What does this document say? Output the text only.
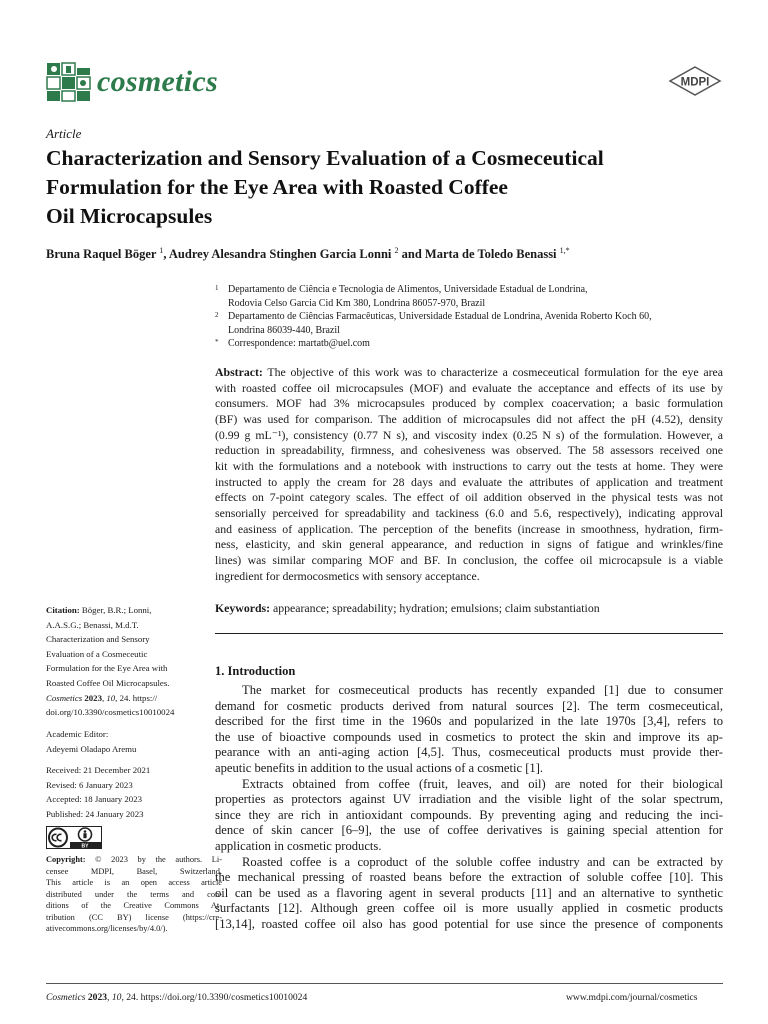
cosmetics	MDPI
Article
Characterization and Sensory Evaluation of a Cosmeceutical
Formulation for the Eye Area with Roasted Coffee
Oil Microcapsules
Bruna Raquel Böger $^1$, Audrey Alesandra Stinghen Garcia Lonni $^2$ and Marta de Toledo Benassi $^{1,*}$
1 Departamento de Ciência e Tecnologia de Alimentos, Universidade Estadual de Londrina,
Rodovia Celso Garcia Cid Km 380, Londrina 86057-970, Brazil
2 Departamento de Ciências Farmacêuticas, Universidade Estadual de Londrina, Avenida Roberto Koch 60,
Londrina 86039-440, Brazil
* Correspondence: martatb@uel.com
Abstract: The objective of this work was to characterize a cosmeceutical formulation for the eye area
with roasted coffee oil microcapsules (MOF) and evaluate the acceptance and effects of its use by
consumers. MOF had 3% microcapsules produced by complex coacervation; a basic formulation
(BF) was used for comparison. The addition of microcapsules did not affect the pH (4.52), density
(0.99 g mL⁻¹), consistency (0.77 N s), and viscosity index (0.25 N s) of the formulation. However, a
reduction in spreadability, firmness, and cohesiveness was observed. The 58 assessors received one
kit with the formulations and a notebook with instructions to carry out the tests at home. They were
instructed to apply the cream for 28 days and evaluate the attributes of application and treatment
effects on 7-point category scales. The effect of oil addition observed in the physical tests was not
sensorially perceived for spreadability and tackiness (6.0 and 5.6, respectively), indicating approval
and easiness of application. The perception of the benefits (increase in smoothness, hydration, firm-
ness, elasticity, and skin general appearance, and reduction in signs of fatigue and wrinkles/fine
lines) was similar comparing MOF and BF. In conclusion, the coffee oil microcapsule is a viable
ingredient for dermocosmetics with sensory acceptance.
Keywords: appearance; spreadability; hydration; emulsions; claim substantiation
Citation: Böger, B.R.; Lonni,
A.A.S.G.; Benassi, M.d.T.
Characterization and Sensory
Evaluation of a Cosmeceutic
Formulation for the Eye Area with
Roasted Coffee Oil Microcapsules.
Cosmetics 2023, 10, 24. https://
doi.org/10.3390/cosmetics10010024
Academic Editor:
Adeyemi Oladapo Aremu
Received: 21 December 2021
Revised: 6 January 2023
Accepted: 18 January 2023
Published: 24 January 2023
BY
Copyright: © 2023 by the authors. Li-
censee MDPI, Basel, Switzerland.
This article is an open access article
distributed under the terms and con-
ditions of the Creative Commons At-
tribution (CC BY) license (https://cre-
ativecommons.org/licenses/by/4.0/).
1. Introduction
The market for cosmeceutical products has recently expanded [1] due to consumer
demand for cosmetic products derived from natural sources [2]. The term cosmeceutical,
described for the first time in the 1960s and popularized in the late 1970s [3,4], refers to
the use of bioactive compounds used in cosmetics to protect the skin and improve its ap-
pearance with an anti-aging action [4,5]. Thus, cosmeceutical products must provide ther-
apeutic benefits in addition to the usual actions of a cosmetic [1].
Extracts obtained from coffee (fruit, leaves, and oil) are noted for their biological
properties as protectors against UV irradiation and the visible light of the solar spectrum,
since they are rich in antioxidant compounds. By preventing aging and reducing the inci-
dence of skin cancer [6–9], the use of coffee derivatives is gaining special attention for
application in cosmetic products.
Roasted coffee is a coproduct of the soluble coffee industry and can be extracted by
the mechanical pressing of roasted beans before the extraction of soluble coffee [10]. This
oil can be used as a flavoring agent in several products [11] and an alternative to synthetic
surfactants [12]. Although green coffee oil is more usually applied in cosmetic products
[13,14], roasted coffee oil also has good potential for use since the presence of components
Cosmetics 2023, 10, 24. https://doi.org/10.3390/cosmetics10010024	www.mdpi.com/journal/cosmetics
